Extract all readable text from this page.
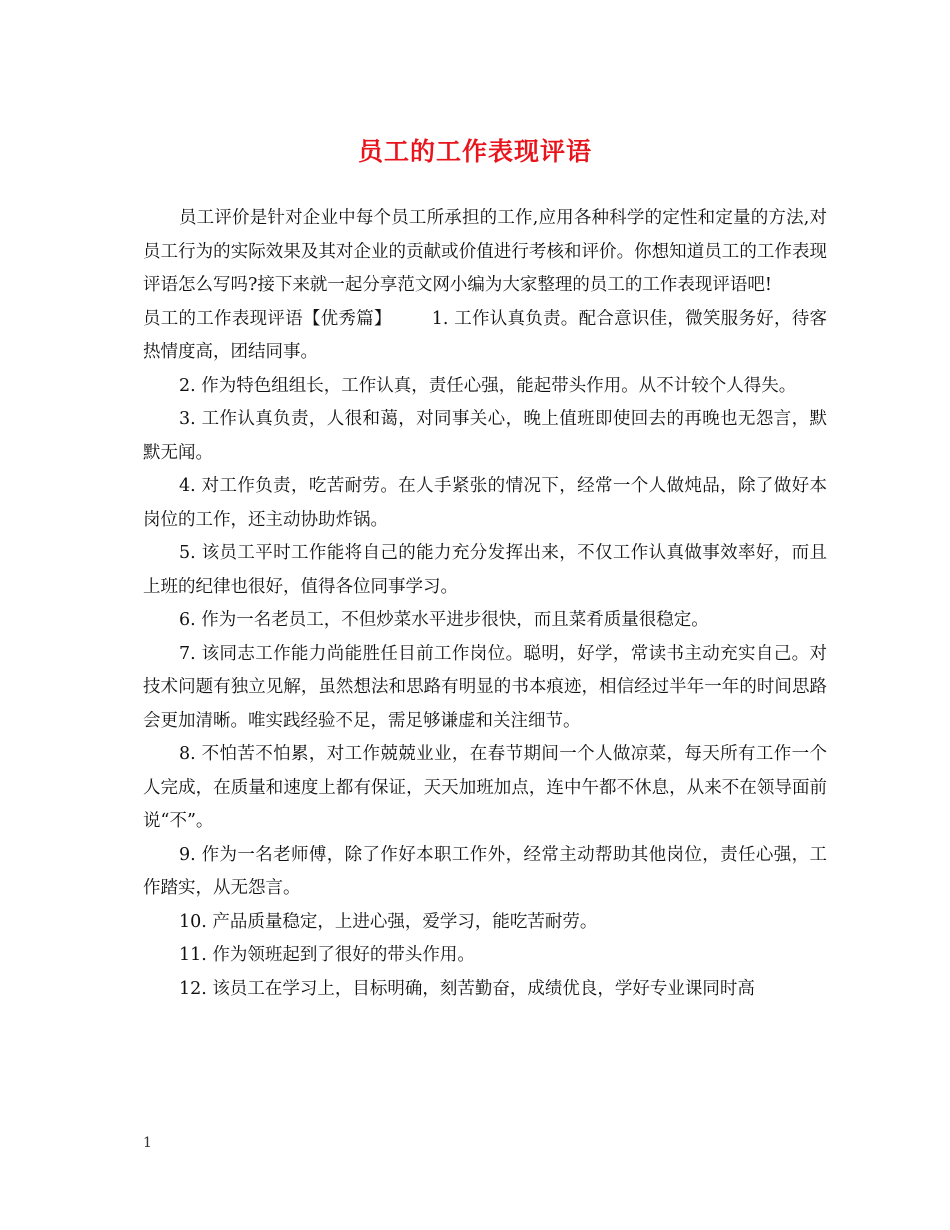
员工的工作表现评语

员工评价是针对企业中每个员工所承担的工作,应用各种科学的定性和定量的方法,对员工行为的实际效果及其对企业的贡献或价值进行考核和评价。你想知道员工的工作表现评语怎么写吗?接下来就一起分享范文网小编为大家整理的员工的工作表现评语吧!

员工的工作表现评语【优秀篇】 1. 工作认真负责。配合意识佳，微笑服务好，待客热情度高，团结同事。

2. 作为特色组组长，工作认真，责任心强，能起带头作用。从不计较个人得失。

3. 工作认真负责，人很和蔼，对同事关心，晚上值班即使回去的再晚也无怨言，默默无闻。

4. 对工作负责，吃苦耐劳。在人手紧张的情况下，经常一个人做炖品，除了做好本岗位的工作，还主动协助炸锅。

5. 该员工平时工作能将自己的能力充分发挥出来，不仅工作认真做事效率好，而且上班的纪律也很好，值得各位同事学习。

6. 作为一名老员工，不但炒菜水平进步很快，而且菜肴质量很稳定。

7. 该同志工作能力尚能胜任目前工作岗位。聪明，好学，常读书主动充实自己。对技术问题有独立见解，虽然想法和思路有明显的书本痕迹，相信经过半年一年的时间思路会更加清晰。唯实践经验不足，需足够谦虚和关注细节。

8. 不怕苦不怕累，对工作兢兢业业，在春节期间一个人做凉菜，每天所有工作一个人完成，在质量和速度上都有保证，天天加班加点，连中午都不休息，从来不在领导面前说“不”。

9. 作为一名老师傅，除了作好本职工作外，经常主动帮助其他岗位，责任心强，工作踏实，从无怨言。

10. 产品质量稳定，上进心强，爱学习，能吃苦耐劳。

11. 作为领班起到了很好的带头作用。

12. 该员工在学习上，目标明确，刻苦勤奋，成绩优良，学好专业课同时高

1
